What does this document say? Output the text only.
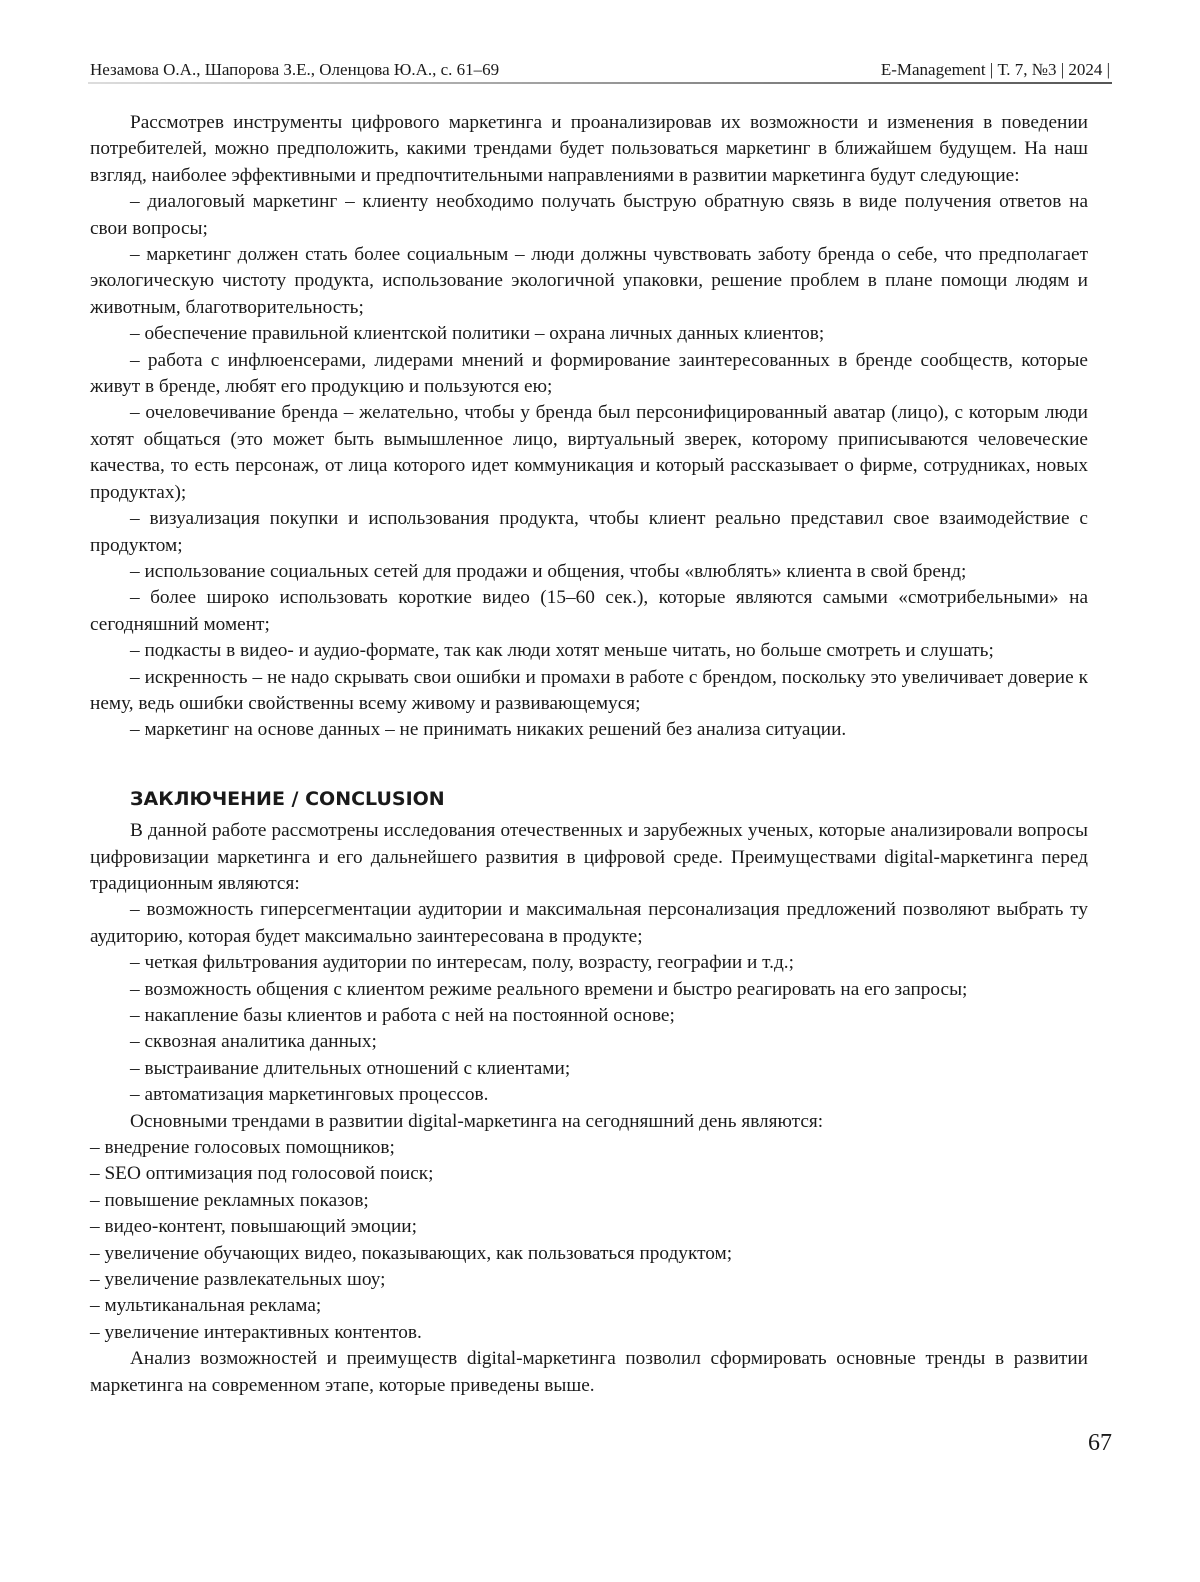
Незамова О.А., Шапорова З.Е., Оленцова Ю.А., с. 61–69	E-Management | Т. 7, №3 | 2024 |

Рассмотрев инструменты цифрового маркетинга и проанализировав их возможности и изменения в поведении потребителей, можно предположить, какими трендами будет пользоваться маркетинг в ближайшем будущем. На наш взгляд, наиболее эффективными и предпочтительными направлениями в развитии маркетинга будут следующие:

– диалоговый маркетинг – клиенту необходимо получать быструю обратную связь в виде получения ответов на свои вопросы;

– маркетинг должен стать более социальным – люди должны чувствовать заботу бренда о себе, что предполагает экологическую чистоту продукта, использование экологичной упаковки, решение проблем в плане помощи людям и животным, благотворительность;

– обеспечение правильной клиентской политики – охрана личных данных клиентов;

– работа с инфлюенсерами, лидерами мнений и формирование заинтересованных в бренде сообществ, которые живут в бренде, любят его продукцию и пользуются ею;

– очеловечивание бренда – желательно, чтобы у бренда был персонифицированный аватар (лицо), с которым люди хотят общаться (это может быть вымышленное лицо, виртуальный зверек, которому приписываются человеческие качества, то есть персонаж, от лица которого идет коммуникация и который рассказывает о фирме, сотрудниках, новых продуктах);

– визуализация покупки и использования продукта, чтобы клиент реально представил свое взаимодействие с продуктом;

– использование социальных сетей для продажи и общения, чтобы «влюблять» клиента в свой бренд;

– более широко использовать короткие видео (15–60 сек.), которые являются самыми «смотрибельными» на сегодняшний момент;

– подкасты в видео- и аудио-формате, так как люди хотят меньше читать, но больше смотреть и слушать;

– искренность – не надо скрывать свои ошибки и промахи в работе с брендом, поскольку это увеличивает доверие к нему, ведь ошибки свойственны всему живому и развивающемуся;

– маркетинг на основе данных – не принимать никаких решений без анализа ситуации.

ЗАКЛЮЧЕНИЕ / CONCLUSION

В данной работе рассмотрены исследования отечественных и зарубежных ученых, которые анализировали вопросы цифровизации маркетинга и его дальнейшего развития в цифровой среде. Преимуществами digital-маркетинга перед традиционным являются:

– возможность гиперсегментации аудитории и максимальная персонализация предложений позволяют выбрать ту аудиторию, которая будет максимально заинтересована в продукте;

– четкая фильтрования аудитории по интересам, полу, возрасту, географии и т.д.;

– возможность общения с клиентом режиме реального времени и быстро реагировать на его запросы;

– накапление базы клиентов и работа с ней на постоянной основе;

– сквозная аналитика данных;

– выстраивание длительных отношений с клиентами;

– автоматизация маркетинговых процессов.

Основными трендами в развитии digital-маркетинга на сегодняшний день являются:

– внедрение голосовых помощников;

– SEO оптимизация под голосовой поиск;

– повышение рекламных показов;

– видео-контент, повышающий эмоции;

– увеличение обучающих видео, показывающих, как пользоваться продуктом;

– увеличение развлекательных шоу;

– мультиканальная реклама;

– увеличение интерактивных контентов.

Анализ возможностей и преимуществ digital-маркетинга позволил сформировать основные тренды в развитии маркетинга на современном этапе, которые приведены выше.

67
